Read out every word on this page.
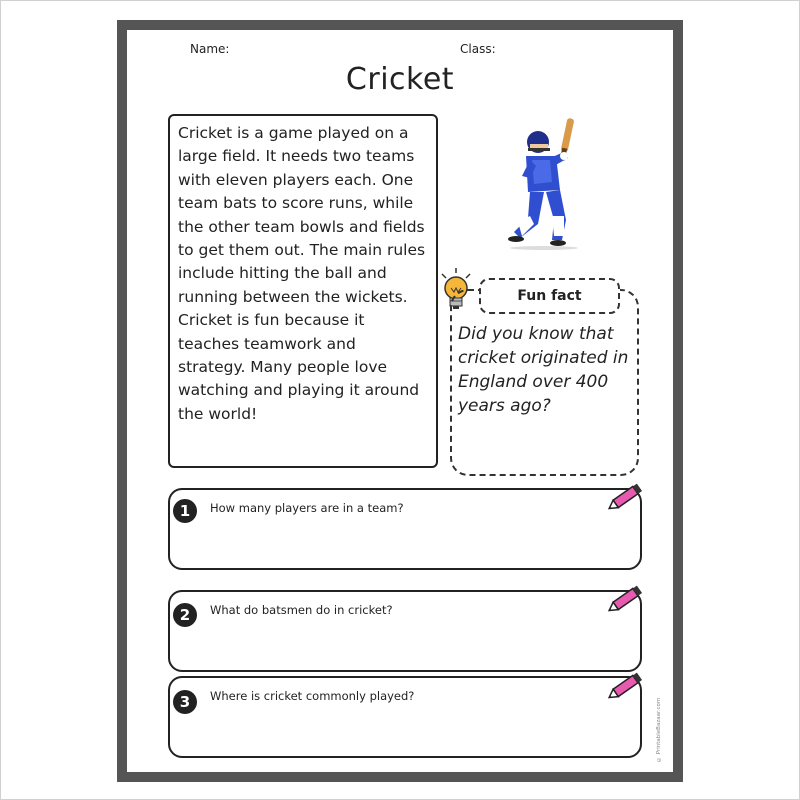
Name:	Class:
Cricket
Cricket is a game played on a large field. It needs two teams with eleven players each. One team bats to score runs, while the other team bowls and fields to get them out. The main rules include hitting the ball and running between the wickets. Cricket is fun because it teaches teamwork and strategy. Many people love watching and playing it around the world!
Fun fact
Did you know that cricket originated in England over 400 years ago?
1 How many players are in a team?
2 What do batsmen do in cricket?
3 Where is cricket commonly played?
© PrintableBazaar.com
